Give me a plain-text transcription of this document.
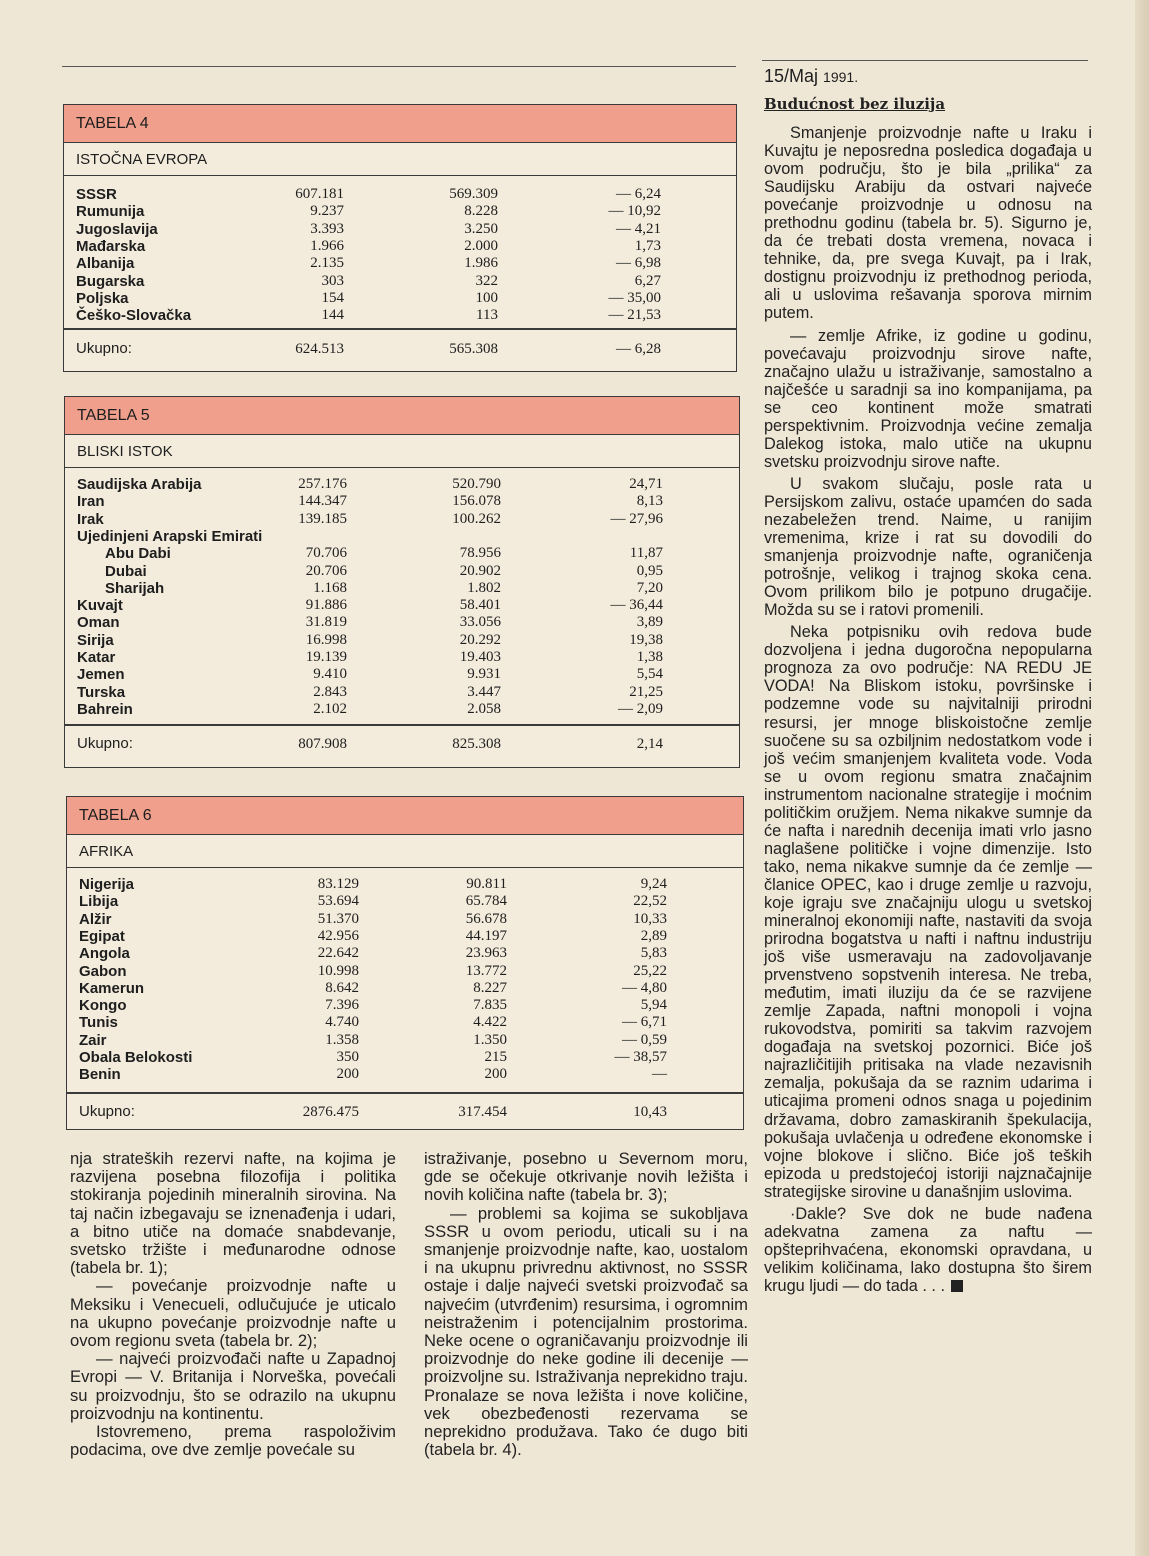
TABELA 4
ISTOČNA EVROPA
SSSR	607.181	569.309	— 6,24
Rumunija	9.237	8.228	— 10,92
Jugoslavija	3.393	3.250	— 4,21
Mađarska	1.966	2.000	1,73
Albanija	2.135	1.986	— 6,98
Bugarska	303	322	6,27
Poljska	154	100	— 35,00
Češko-Slovačka	144	113	— 21,53
Ukupno:	624.513	565.308	— 6,28
TABELA 5
BLISKI ISTOK
Saudijska Arabija	257.176	520.790	24,71
Iran	144.347	156.078	8,13
Irak	139.185	100.262	— 27,96
Ujedinjeni Arapski Emirati
Abu Dabi	70.706	78.956	11,87
Dubai	20.706	20.902	0,95
Sharijah	1.168	1.802	7,20
Kuvajt	91.886	58.401	— 36,44
Oman	31.819	33.056	3,89
Sirija	16.998	20.292	19,38
Katar	19.139	19.403	1,38
Jemen	9.410	9.931	5,54
Turska	2.843	3.447	21,25
Bahrein	2.102	2.058	— 2,09
Ukupno:	807.908	825.308	2,14
TABELA 6
AFRIKA
Nigerija	83.129	90.811	9,24
Libija	53.694	65.784	22,52
Alžir	51.370	56.678	10,33
Egipat	42.956	44.197	2,89
Angola	22.642	23.963	5,83
Gabon	10.998	13.772	25,22
Kamerun	8.642	8.227	— 4,80
Kongo	7.396	7.835	5,94
Tunis	4.740	4.422	— 6,71
Zair	1.358	1.350	— 0,59
Obala Belokosti	350	215	— 38,57
Benin	200	200	—
Ukupno:	2876.475	317.454	10,43
15/Maj 1991.
Budućnost bez iluzija

Smanjenje proizvodnje nafte u Iraku i Kuvajtu je neposredna posledica događaja u ovom području, što je bila „prilika“ za Saudijsku Arabiju da ostvari najveće povećanje proizvodnje u odnosu na prethodnu godinu (tabela br. 5). Sigurno je, da će trebati dosta vremena, novaca i tehnike, da, pre svega Kuvajt, pa i Irak, dostignu proizvodnju iz prethodnog perioda, ali u uslovima rešavanja sporova mirnim putem.

— zemlje Afrike, iz godine u godinu, povećavaju proizvodnju sirove nafte, značajno ulažu u istraživanje, samostalno a najčešće u saradnji sa ino kompanijama, pa se ceo kontinent može smatrati perspektivnim. Proizvodnja većine zemalja Dalekog istoka, malo utiče na ukupnu svetsku proizvodnju sirove nafte.

U svakom slučaju, posle rata u Persijskom zalivu, ostaće upamćen do sada nezabeležen trend. Naime, u ranijim vremenima, krize i rat su dovodili do smanjenja proizvodnje nafte, ograničenja potrošnje, velikog i trajnog skoka cena. Ovom prilikom bilo je potpuno drugačije. Možda su se i ratovi promenili.

Neka potpisniku ovih redova bude dozvoljena i jedna dugoročna nepopularna prognoza za ovo područje: NA REDU JE VODA! Na Bliskom istoku, površinske i podzemne vode su najvitalniji prirodni resursi, jer mnoge bliskoistočne zemlje suočene su sa ozbiljnim nedostatkom vode i još većim smanjenjem kvaliteta vode. Voda se u ovom regionu smatra značajnim instrumentom nacionalne strategije i moćnim političkim oružjem. Nema nikakve sumnje da će nafta i narednih decenija imati vrlo jasno naglašene političke i vojne dimenzije. Isto tako, nema nikakve sumnje da će zemlje — članice OPEC, kao i druge zemlje u razvoju, koje igraju sve značajniju ulogu u svetskoj mineralnoj ekonomiji nafte, nastaviti da svoja prirodna bogatstva u nafti i naftnu industriju još više usmeravaju na zadovoljavanje prvenstveno sopstvenih interesa. Ne treba, međutim, imati iluziju da će se razvijene zemlje Zapada, naftni monopoli i vojna rukovodstva, pomiriti sa takvim razvojem događaja na svetskoj pozornici. Biće još najrazličitijih pritisaka na vlade nezavisnih zemalja, pokušaja da se raznim udarima i uticajima promeni odnos snaga u pojedinim državama, dobro zamaskiranih špekulacija, pokušaja uvlačenja u određene ekonomske i vojne blokove i slično. Biće još teških epizoda u predstojećoj istoriji najznačajnije strategijske sirovine u današnjim uslovima.

·Dakle? Sve dok ne bude nađena adekvatna zamena za naftu — opšteprihvaćena, ekonomski opravdana, u velikim količinama, lako dostupna što širem krugu ljudi — do tada . . .

nja strateških rezervi nafte, na kojima je razvijena posebna filozofija i politika stokiranja pojedinih mineralnih sirovina. Na taj način izbegavaju se iznenađenja i udari, a bitno utiče na domaće snabdevanje, svetsko tržište i međunarodne odnose (tabela br. 1);

— povećanje proizvodnje nafte u Meksiku i Venecueli, odlučujuće je uticalo na ukupno povećanje proizvodnje nafte u ovom regionu sveta (tabela br. 2);

— najveći proizvođači nafte u Zapadnoj Evropi — V. Britanija i Norveška, povećali su proizvodnju, što se odrazilo na ukupnu proizvodnju na kontinentu.

Istovremeno, prema raspoloživim podacima, ove dve zemlje povećale su

istraživanje, posebno u Severnom moru, gde se očekuje otkrivanje novih ležišta i novih količina nafte (tabela br. 3);

— problemi sa kojima se sukobljava SSSR u ovom periodu, uticali su i na smanjenje proizvodnje nafte, kao, uostalom i na ukupnu privrednu aktivnost, no SSSR ostaje i dalje najveći svetski proizvođač sa najvećim (utvrđenim) resursima, i ogromnim neistraženim i potencijalnim prostorima. Neke ocene o ograničavanju proizvodnje ili proizvodnje do neke godine ili decenije — proizvoljne su. Istraživanja neprekidno traju. Pronalaze se nova ležišta i nove količine, vek obezbeđenosti rezervama se neprekidno produžava. Tako će dugo biti (tabela br. 4).
